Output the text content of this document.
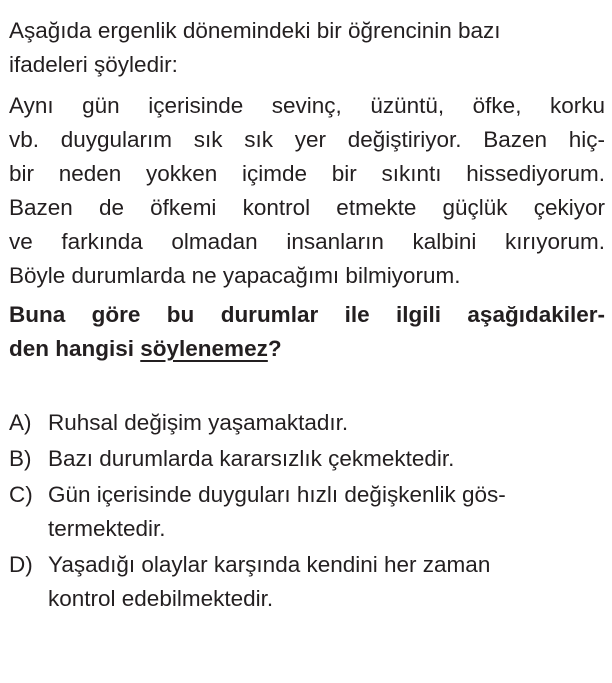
Aşağıda ergenlik dönemindeki bir öğrencinin bazı
ifadeleri şöyledir:
Aynı gün içerisinde sevinç, üzüntü, öfke, korku
vb. duygularım sık sık yer değiştiriyor. Bazen hiç-
bir neden yokken içimde bir sıkıntı hissediyorum.
Bazen de öfkemi kontrol etmekte güçlük çekiyor
ve farkında olmadan insanların kalbini kırıyorum.
Böyle durumlarda ne yapacağımı bilmiyorum.
Buna göre bu durumlar ile ilgili aşağıdakiler-
den hangisi söylenemez?
A) Ruhsal değişim yaşamaktadır.
B) Bazı durumlarda kararsızlık çekmektedir.
C) Gün içerisinde duyguları hızlı değişkenlik gös-
termektedir.
D) Yaşadığı olaylar karşında kendini her zaman
kontrol edebilmektedir.
